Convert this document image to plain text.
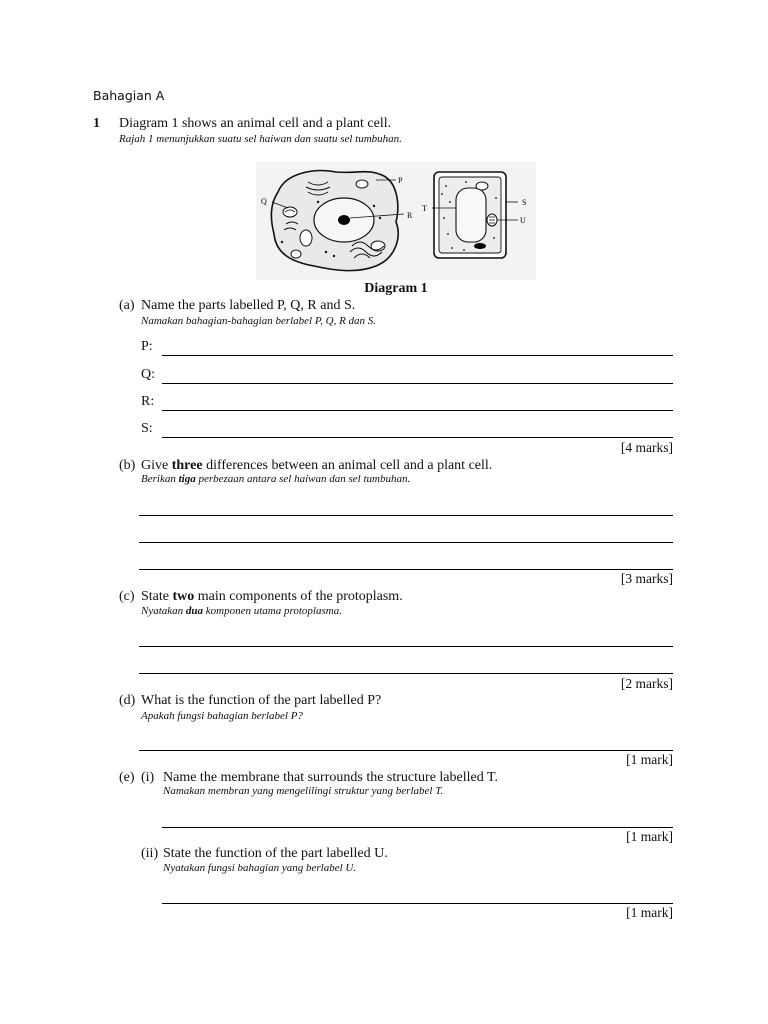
Bahagian A
1 Diagram 1 shows an animal cell and a plant cell.
Rajah 1 menunjukkan suatu sel haiwan dan suatu sel tumbuhan.
P
Q
R
S
T
U
Diagram 1
(a) Name the parts labelled P, Q, R and S.
Namakan bahagian-bahagian berlabel P, Q, R dan S.
P:
Q:
R:
S:
[4 marks]
(b) Give three differences between an animal cell and a plant cell.
Berikan tiga perbezaan antara sel haiwan dan sel tumbuhan.
[3 marks]
(c) State two main components of the protoplasm.
Nyatakan dua komponen utama protoplasma.
[2 marks]
(d) What is the function of the part labelled P?
Apakah fungsi bahagian berlabel P?
[1 mark]
(e) (i) Name the membrane that surrounds the structure labelled T.
Namakan membran yang mengelilingi struktur yang berlabel T.
[1 mark]
(ii) State the function of the part labelled U.
Nyatakan fungsi bahagian yang berlabel U.
[1 mark]
